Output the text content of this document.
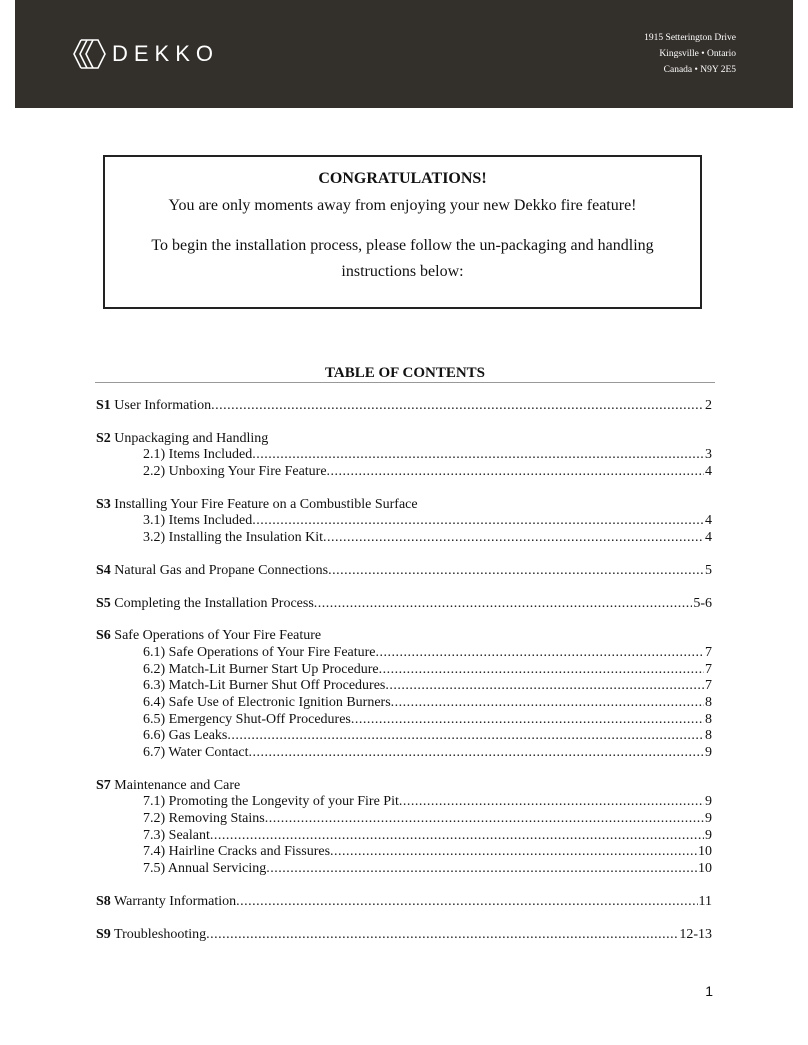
DEKKO
1915 Setterington Drive
Kingsville • Ontario
Canada • N9Y 2E5
CONGRATULATIONS!
You are only moments away from enjoying your new Dekko fire feature!
To begin the installation process, please follow the un-packaging and handling instructions below:
TABLE OF CONTENTS
S1 User Information .....	2
S2 Unpackaging and Handling
2.1) Items Included .....	3
2.2) Unboxing Your Fire Feature .....	4
S3 Installing Your Fire Feature on a Combustible Surface
3.1) Items Included .....	4
3.2) Installing the Insulation Kit .....	4
S4 Natural Gas and Propane Connections .....	5
S5 Completing the Installation Process .....	5-6
S6 Safe Operations of Your Fire Feature
6.1) Safe Operations of Your Fire Feature .....	7
6.2) Match-Lit Burner Start Up Procedure .....	7
6.3) Match-Lit Burner Shut Off Procedures .....	7
6.4) Safe Use of Electronic Ignition Burners .....	8
6.5) Emergency Shut-Off Procedures .....	8
6.6) Gas Leaks .....	8
6.7) Water Contact .....	9
S7 Maintenance and Care
7.1) Promoting the Longevity of your Fire Pit .....	9
7.2) Removing Stains .....	9
7.3) Sealant .....	9
7.4) Hairline Cracks and Fissures .....	10
7.5) Annual Servicing .....	10
S8 Warranty Information .....	11
S9 Troubleshooting .....	12-13
1
